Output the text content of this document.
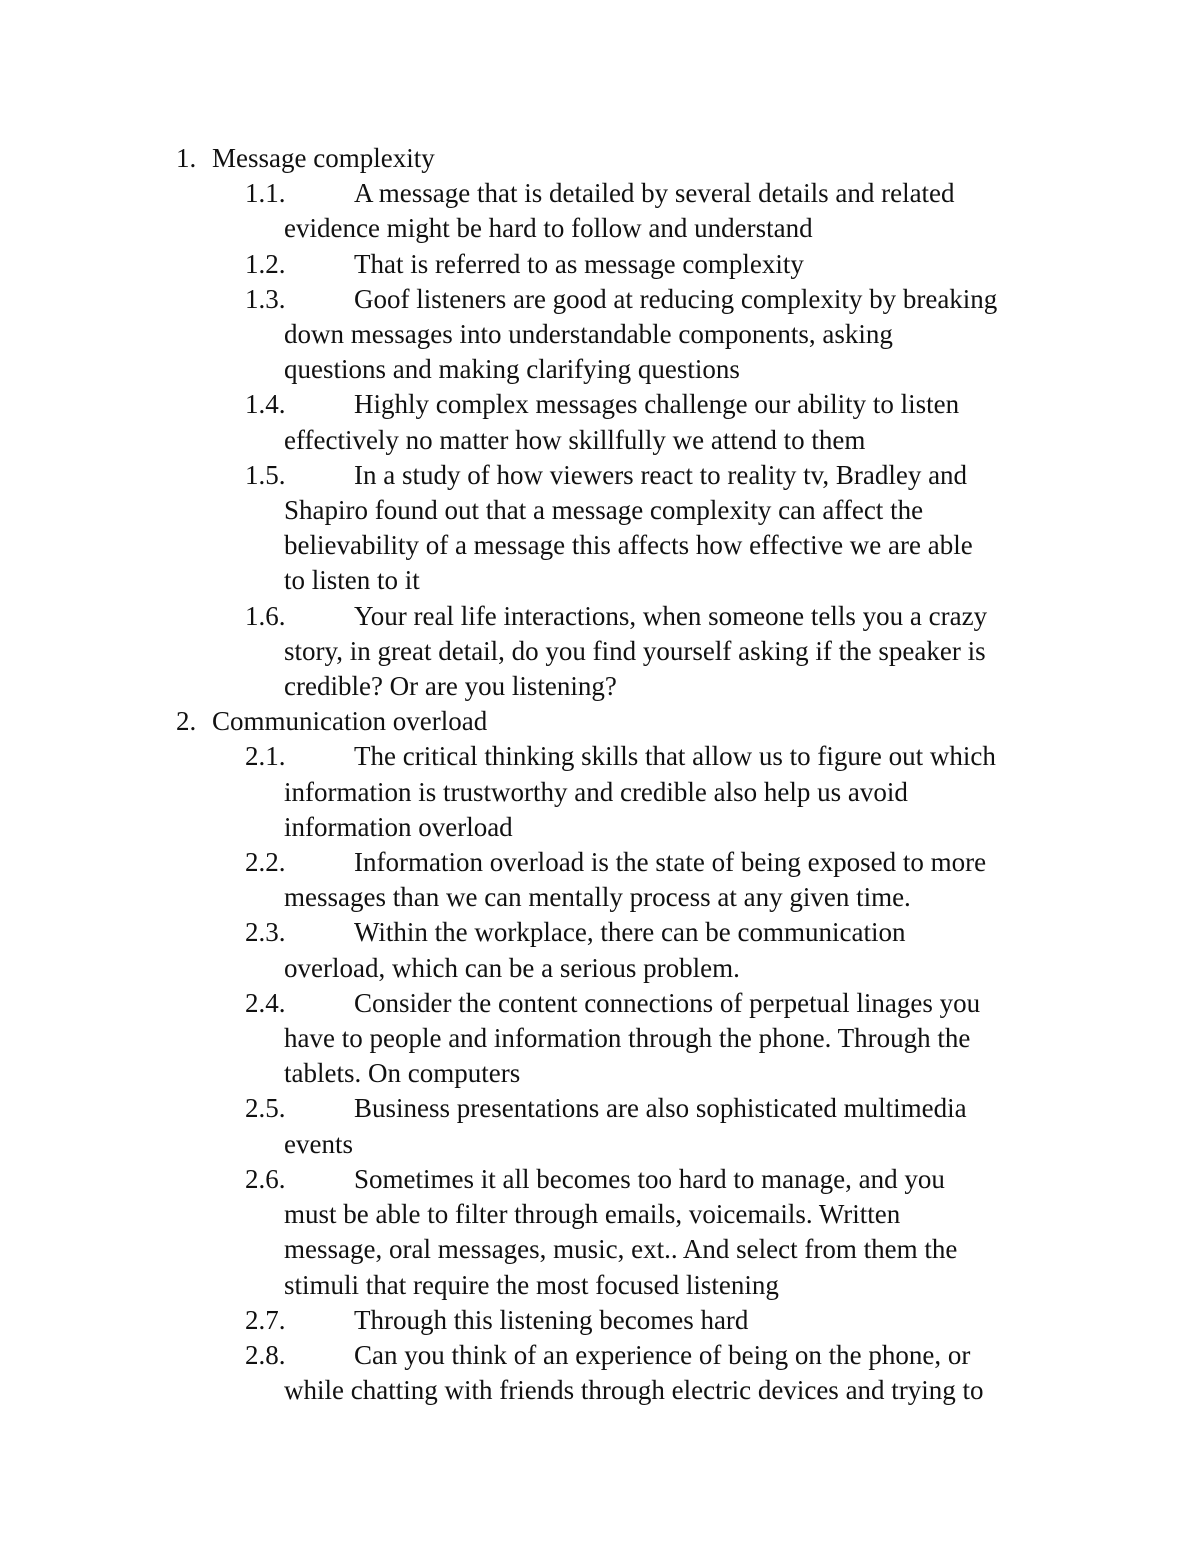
1. Message complexity
1.1.	A message that is detailed by several details and related
evidence might be hard to follow and understand
1.2.	That is referred to as message complexity
1.3.	Goof listeners are good at reducing complexity by breaking
down messages into understandable components, asking
questions and making clarifying questions
1.4.	Highly complex messages challenge our ability to listen
effectively no matter how skillfully we attend to them
1.5.	In a study of how viewers react to reality tv, Bradley and
Shapiro found out that a message complexity can affect the
believability of a message this affects how effective we are able
to listen to it
1.6.	Your real life interactions, when someone tells you a crazy
story, in great detail, do you find yourself asking if the speaker is
credible? Or are you listening?
2. Communication overload
2.1.	The critical thinking skills that allow us to figure out which
information is trustworthy and credible also help us avoid
information overload
2.2.	Information overload is the state of being exposed to more
messages than we can mentally process at any given time.
2.3.	Within the workplace, there can be communication
overload, which can be a serious problem.
2.4.	Consider the content connections of perpetual linages you
have to people and information through the phone. Through the
tablets. On computers
2.5.	Business presentations are also sophisticated multimedia
events
2.6.	Sometimes it all becomes too hard to manage, and you
must be able to filter through emails, voicemails. Written
message, oral messages, music, ext.. And select from them the
stimuli that require the most focused listening
2.7.	Through this listening becomes hard
2.8.	Can you think of an experience of being on the phone, or
while chatting with friends through electric devices and trying to
